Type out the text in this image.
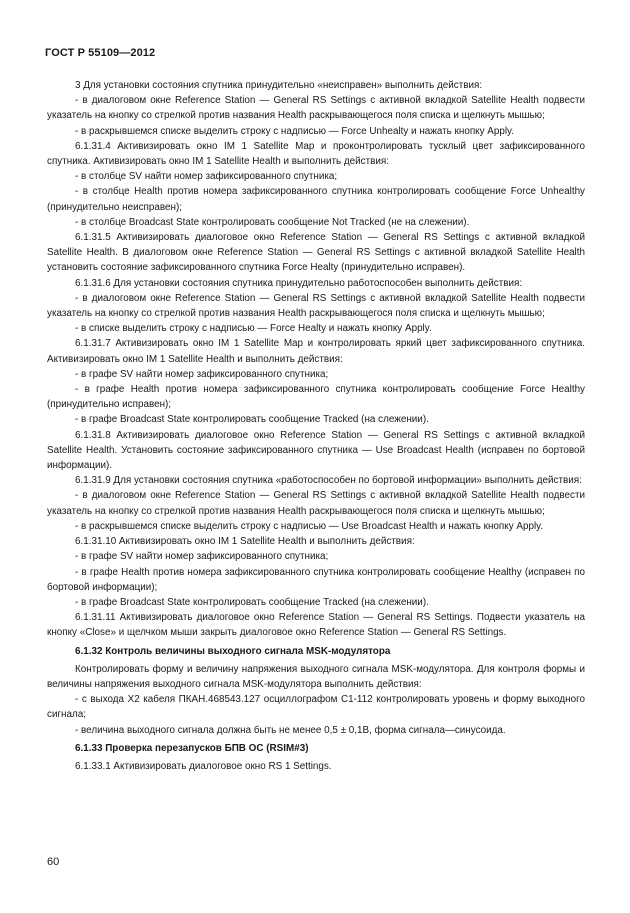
ГОСТ Р 55109—2012

3 Для установки состояния спутника принудительно «неисправен» выполнить действия:

- в диалоговом окне Reference Station — General RS Settings с активной вкладкой Satellite Health подвести указатель на кнопку со стрелкой против названия Health раскрывающегося поля списка и щелкнуть мышью;

- в раскрывшемся списке выделить строку с надписью — Force Unhealty и нажать кнопку Apply.

6.1.31.4 Активизировать окно IM 1 Satellite Map и проконтролировать тусклый цвет зафиксированного спутника. Активизировать окно IM 1 Satellite Health и выполнить действия:

- в столбце SV найти номер зафиксированного спутника;

- в столбце Health против номера зафиксированного спутника контролировать сообщение Force Unhealthy (принудительно неисправен);

- в столбце Broadcast State контролировать сообщение Not Tracked (не на слежении).

6.1.31.5 Активизировать диалоговое окно Reference Station — General RS Settings с активной вкладкой Satellite Health. В диалоговом окне Reference Station — General RS Settings с активной вкладкой Satellite Health установить состояние зафиксированного спутника Force Healty (принудительно исправен).

6.1.31.6 Для установки состояния спутника принудительно работоспособен выполнить действия:

- в диалоговом окне Reference Station — General RS Settings с активной вкладкой Satellite Health подвести указатель на кнопку со стрелкой против названия Health раскрывающегося поля списка и щелкнуть мышью;

- в списке выделить строку с надписью — Force Healty и нажать кнопку Apply.

6.1.31.7 Активизировать окно IM 1 Satellite Map и контролировать яркий цвет зафиксированного спутника. Активизировать окно IM 1 Satellite Health и выполнить действия:

- в графе SV найти номер зафиксированного спутника;

- в графе Health против номера зафиксированного спутника контролировать сообщение Force Healthy (принудительно исправен);

- в графе Broadcast State контролировать сообщение Tracked (на слежении).

6.1.31.8 Активизировать диалоговое окно Reference Station — General RS Settings с активной вкладкой Satellite Health. Установить состояние зафиксированного спутника — Use Broadcast Health (исправен по бортовой информации).

6.1.31.9 Для установки состояния спутника «работоспособен по бортовой информации» выполнить действия:

- в диалоговом окне Reference Station — General RS Settings с активной вкладкой Satellite Health подвести указатель на кнопку со стрелкой против названия Health раскрывающегося поля списка и щелкнуть мышью;

- в раскрывшемся списке выделить строку с надписью — Use Broadcast Health и нажать кнопку Apply.

6.1.31.10 Активизировать окно IM 1 Satellite Health и выполнить действия:

- в графе SV найти номер зафиксированного спутника;

- в графе Health против номера зафиксированного спутника контролировать сообщение Healthy (исправен по бортовой информации);

- в графе Broadcast State контролировать сообщение Tracked (на слежении).

6.1.31.11 Активизировать диалоговое окно Reference Station — General RS Settings. Подвести указатель на кнопку «Close» и щелчком мыши закрыть диалоговое окно Reference Station — General RS Settings.

6.1.32 Контроль величины выходного сигнала MSK-модулятора

Контролировать форму и величину напряжения выходного сигнала MSK-модулятора. Для контроля формы и величины напряжения выходного сигнала MSK-модулятора выполнить действия:

- с выхода Х2 кабеля ПКАН.468543.127 осциллографом С1-112 контролировать уровень и форму выходного сигнала;

- величина выходного сигнала должна быть не менее 0,5 ± 0,1В, форма сигнала—синусоида.

6.1.33 Проверка перезапусков БПВ ОС (RSIM#3)

6.1.33.1 Активизировать диалоговое окно RS 1 Settings.

60
